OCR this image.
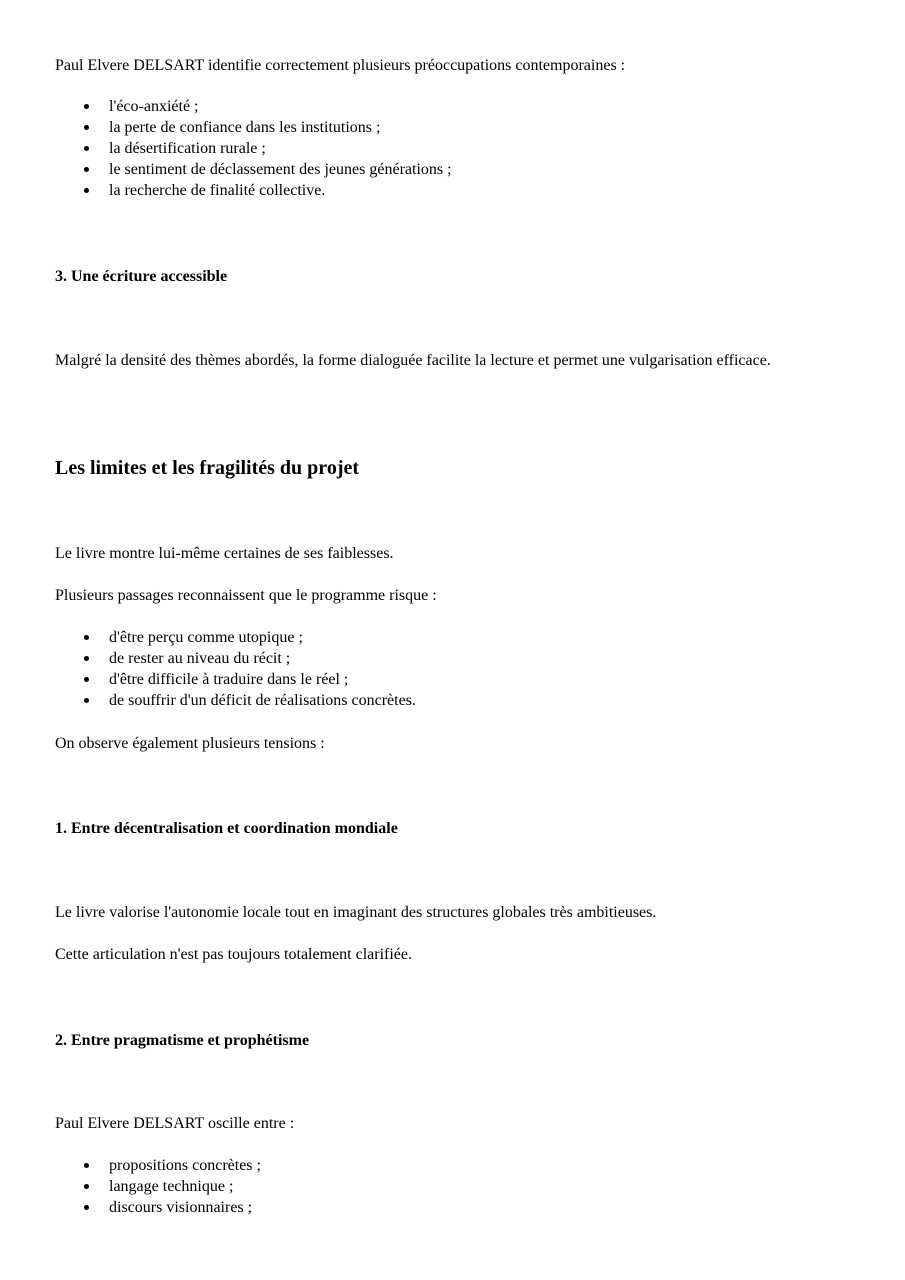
Paul Elvere DELSART identifie correctement plusieurs préoccupations contemporaines :

l'éco-anxiété ;
la perte de confiance dans les institutions ;
la désertification rurale ;
le sentiment de déclassement des jeunes générations ;
la recherche de finalité collective.
3. Une écriture accessible

Malgré la densité des thèmes abordés, la forme dialoguée facilite la lecture et permet une vulgarisation efficace.

Les limites et les fragilités du projet

Le livre montre lui-même certaines de ses faiblesses.

Plusieurs passages reconnaissent que le programme risque :

d'être perçu comme utopique ;
de rester au niveau du récit ;
d'être difficile à traduire dans le réel ;
de souffrir d'un déficit de réalisations concrètes.

On observe également plusieurs tensions :

1. Entre décentralisation et coordination mondiale

Le livre valorise l'autonomie locale tout en imaginant des structures globales très ambitieuses.

Cette articulation n'est pas toujours totalement clarifiée.

2. Entre pragmatisme et prophétisme

Paul Elvere DELSART oscille entre :

propositions concrètes ;
langage technique ;
discours visionnaires ;
